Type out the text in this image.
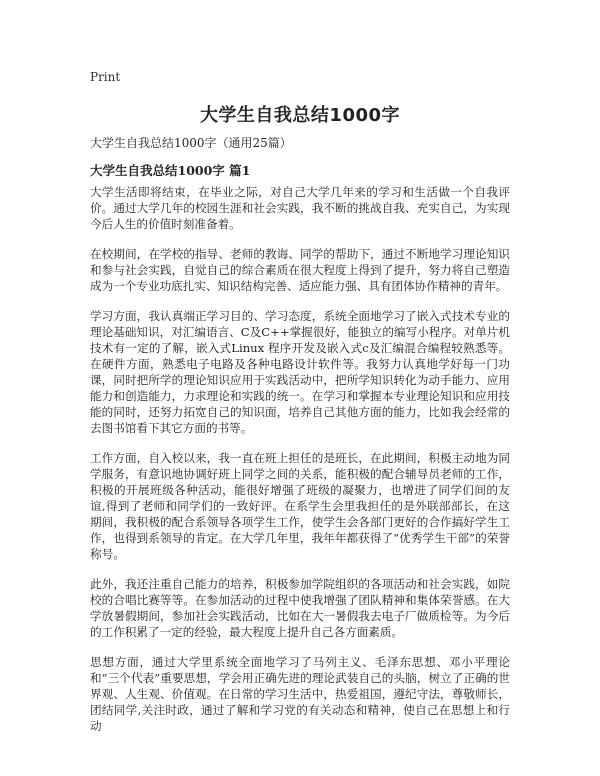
Print
大学生自我总结1000字
大学生自我总结1000字（通用25篇）
大学生自我总结1000字 篇1

大学生活即将结束，在毕业之际，对自己大学几年来的学习和生活做一个自我评价。通过大学几年的校园生涯和社会实践，我不断的挑战自我、充实自己，为实现今后人生的价值时刻准备着。

在校期间，在学校的指导、老师的教诲、同学的帮助下，通过不断地学习理论知识和参与社会实践，自觉自己的综合素质在很大程度上得到了提升，努力将自己塑造成为一个专业功底扎实、知识结构完善、适应能力强、具有团体协作精神的青年。

学习方面，我认真端正学习目的、学习态度，系统全面地学习了嵌入式技术专业的理论基础知识，对汇编语言、C及C++掌握很好，能独立的编写小程序。对单片机技术有一定的了解，嵌入式Linux 程序开发及嵌入式c及汇编混合编程较熟悉等。在硬件方面，熟悉电子电路及各种电路设计软件等。我努力认真地学好每一门功课，同时把所学的理论知识应用于实践活动中，把所学知识转化为动手能力、应用能力和创造能力，力求理论和实践的统一。在学习和掌握本专业理论知识和应用技能的同时，还努力拓宽自己的知识面，培养自己其他方面的能力，比如我会经常的去图书馆看下其它方面的书等。

工作方面，自入校以来，我一直在班上担任的是班长，在此期间，积极主动地为同学服务，有意识地协调好班上同学之间的关系，能积极的配合辅导员老师的工作，积极的开展班级各种活动，能很好增强了班级的凝聚力，也增进了同学们间的友谊,得到了老师和同学们的一致好评。在系学生会里我担任的是外联部部长，在这期间，我积极的配合系领导各项学生工作，使学生会各部门更好的合作搞好学生工作，也得到系领导的肯定。在大学几年里，我年年都获得了“优秀学生干部”的荣誉称号。

此外，我还注重自己能力的培养，积极参加学院组织的各项活动和社会实践，如院校的合唱比赛等等。在参加活动的过程中使我增强了团队精神和集体荣誉感。在大学放暑假期间，参加社会实践活动，比如在大一暑假我去电子厂做质检等。为今后的工作积累了一定的经验，最大程度上提升自己各方面素质。

思想方面，通过大学里系统全面地学习了马列主义、毛泽东思想、邓小平理论和“三个代表”重要思想，学会用正确先进的理论武装自己的头脑，树立了正确的世界观、人生观、价值观。在日常的学习生活中，热爱祖国，遵纪守法，尊敬师长，团结同学,关注时政，通过了解和学习党的有关动态和精神，使自己在思想上和行动
